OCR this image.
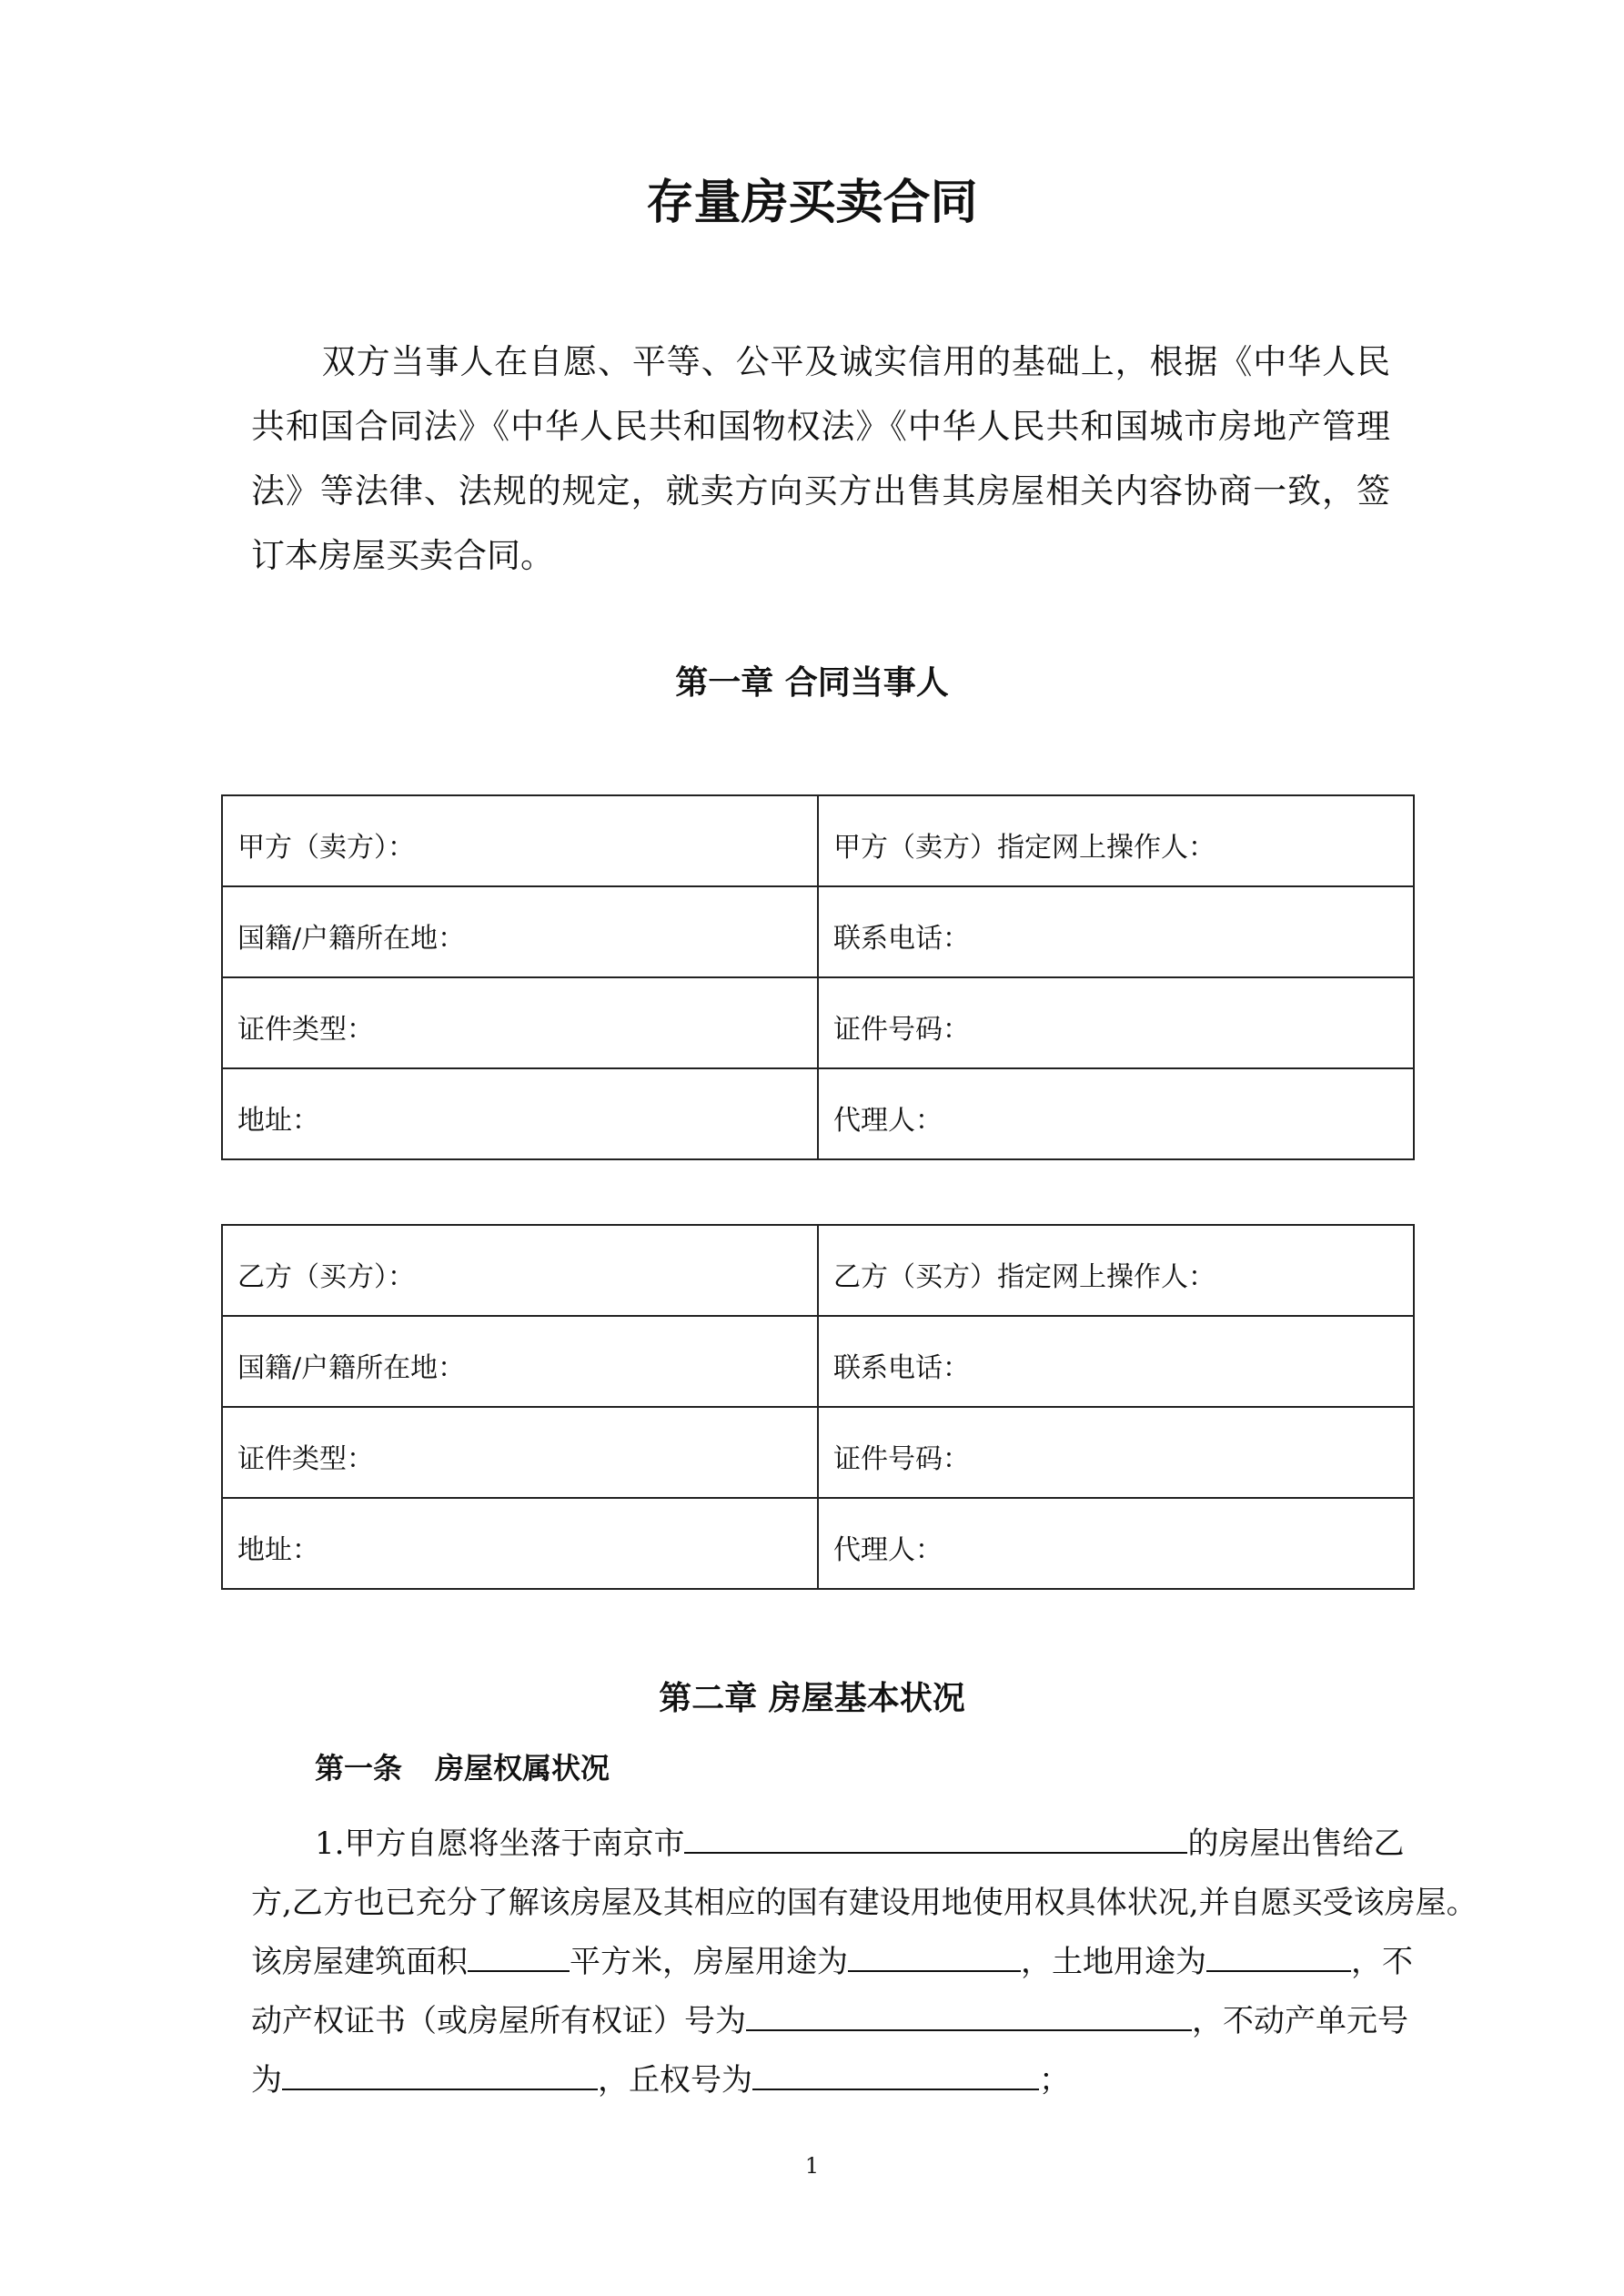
存量房买卖合同
双方当事人在自愿、平等、公平及诚实信用的基础上，根据《中华人民共和国合同法》《中华人民共和国物权法》《中华人民共和国城市房地产管理法》等法律、法规的规定，就卖方向买方出售其房屋相关内容协商一致，签订本房屋买卖合同。
第一章 合同当事人
甲方（卖方）：	甲方（卖方）指定网上操作人：
国籍/户籍所在地：	联系电话：
证件类型：	证件号码：
地址：	代理人：
乙方（买方）：	乙方（买方）指定网上操作人：
国籍/户籍所在地：	联系电话：
证件类型：	证件号码：
地址：	代理人：
第二章 房屋基本状况
第一条 房屋权属状况
1.甲方自愿将坐落于南京市	的房屋出售给乙
方,乙方也已充分了解该房屋及其相应的国有建设用地使用权具体状况,并自愿买受该房屋。
该房屋建筑面积	平方米，房屋用途为	，土地用途为	，不
动产权证书（或房屋所有权证）号为	，不动产单元号
为	，丘权号为	；
1
